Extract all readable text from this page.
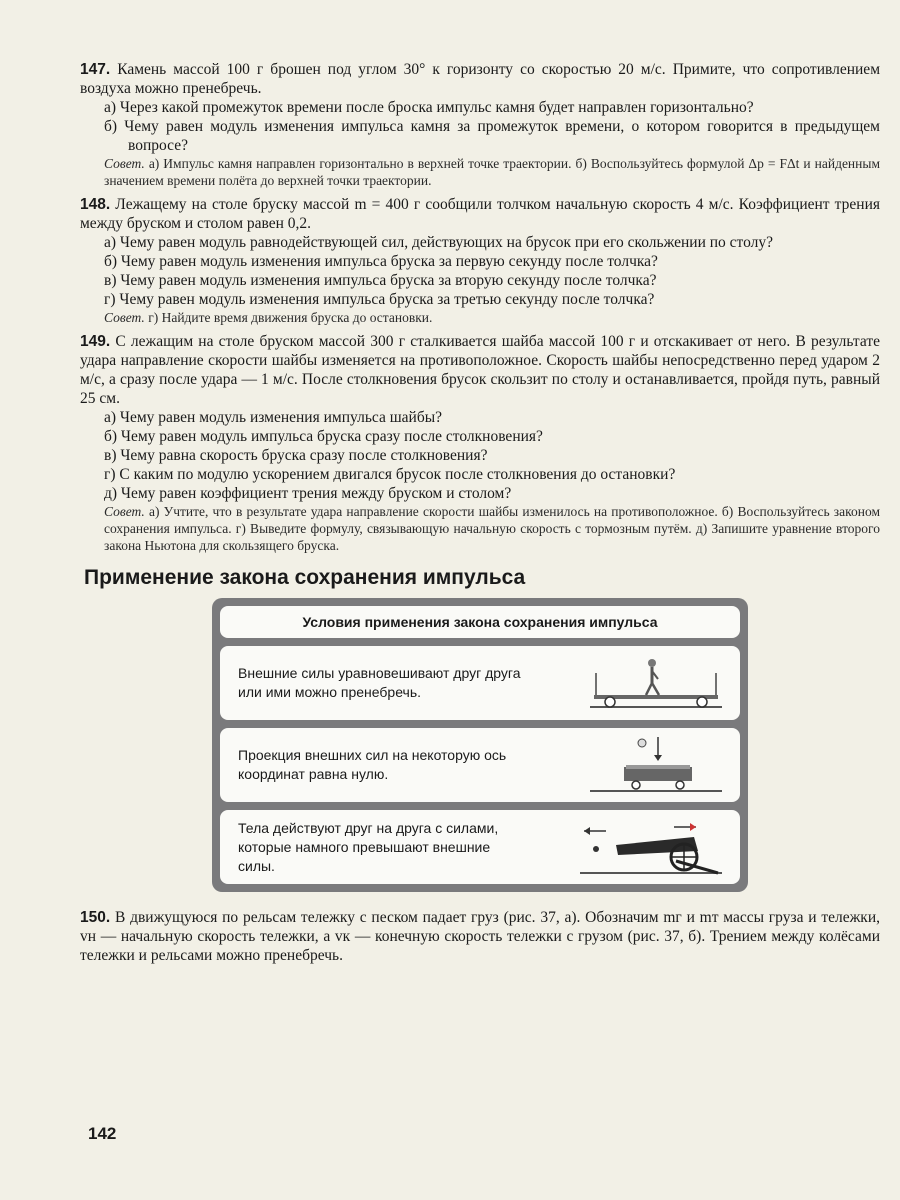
147. Камень массой 100 г брошен под углом 30° к горизонту со скоростью 20 м/с. Примите, что сопротивлением воздуха можно пренебречь.
а) Через какой промежуток времени после броска импульс камня будет направлен горизонтально?
б) Чему равен модуль изменения импульса камня за промежуток времени, о котором говорится в предыдущем вопросе?
Совет. а) Импульс камня направлен горизонтально в верхней точке траектории. б) Воспользуйтесь формулой Δp = FΔt и найденным значением времени полёта до верхней точки траектории.
148. Лежащему на столе бруску массой m = 400 г сообщили толчком начальную скорость 4 м/с. Коэффициент трения между бруском и столом равен 0,2.
а) Чему равен модуль равнодействующей сил, действующих на брусок при его скольжении по столу?
б) Чему равен модуль изменения импульса бруска за первую секунду после толчка?
в) Чему равен модуль изменения импульса бруска за вторую секунду после толчка?
г) Чему равен модуль изменения импульса бруска за третью секунду после толчка?
Совет. г) Найдите время движения бруска до остановки.
149. С лежащим на столе бруском массой 300 г сталкивается шайба массой 100 г и отскакивает от него. В результате удара направление скорости шайбы изменяется на противоположное. Скорость шайбы непосредственно перед ударом 2 м/с, а сразу после удара — 1 м/с. После столкновения брусок скользит по столу и останавливается, пройдя путь, равный 25 см.
а) Чему равен модуль изменения импульса шайбы?
б) Чему равен модуль импульса бруска сразу после столкновения?
в) Чему равна скорость бруска сразу после столкновения?
г) С каким по модулю ускорением двигался брусок после столкновения до остановки?
д) Чему равен коэффициент трения между бруском и столом?
Совет. а) Учтите, что в результате удара направление скорости шайбы изменилось на противоположное. б) Воспользуйтесь законом сохранения импульса. г) Выведите формулу, связывающую начальную скорость с тормозным путём. д) Запишите уравнение второго закона Ньютона для скользящего бруска.
Применение закона сохранения импульса
Условия применения закона сохранения импульса
Внешние силы уравновешивают друг друга или ими можно пренебречь.
Проекция внешних сил на некоторую ось координат равна нулю.
Тела действуют друг на друга с силами, которые намного превышают внешние силы.
150. В движущуюся по рельсам тележку с песком падает груз (рис. 37, а). Обозначим mг и mт массы груза и тележки, vн — начальную скорость тележки, а vк — конечную скорость тележки с грузом (рис. 37, б). Трением между колёсами тележки и рельсами можно пренебречь.
142
